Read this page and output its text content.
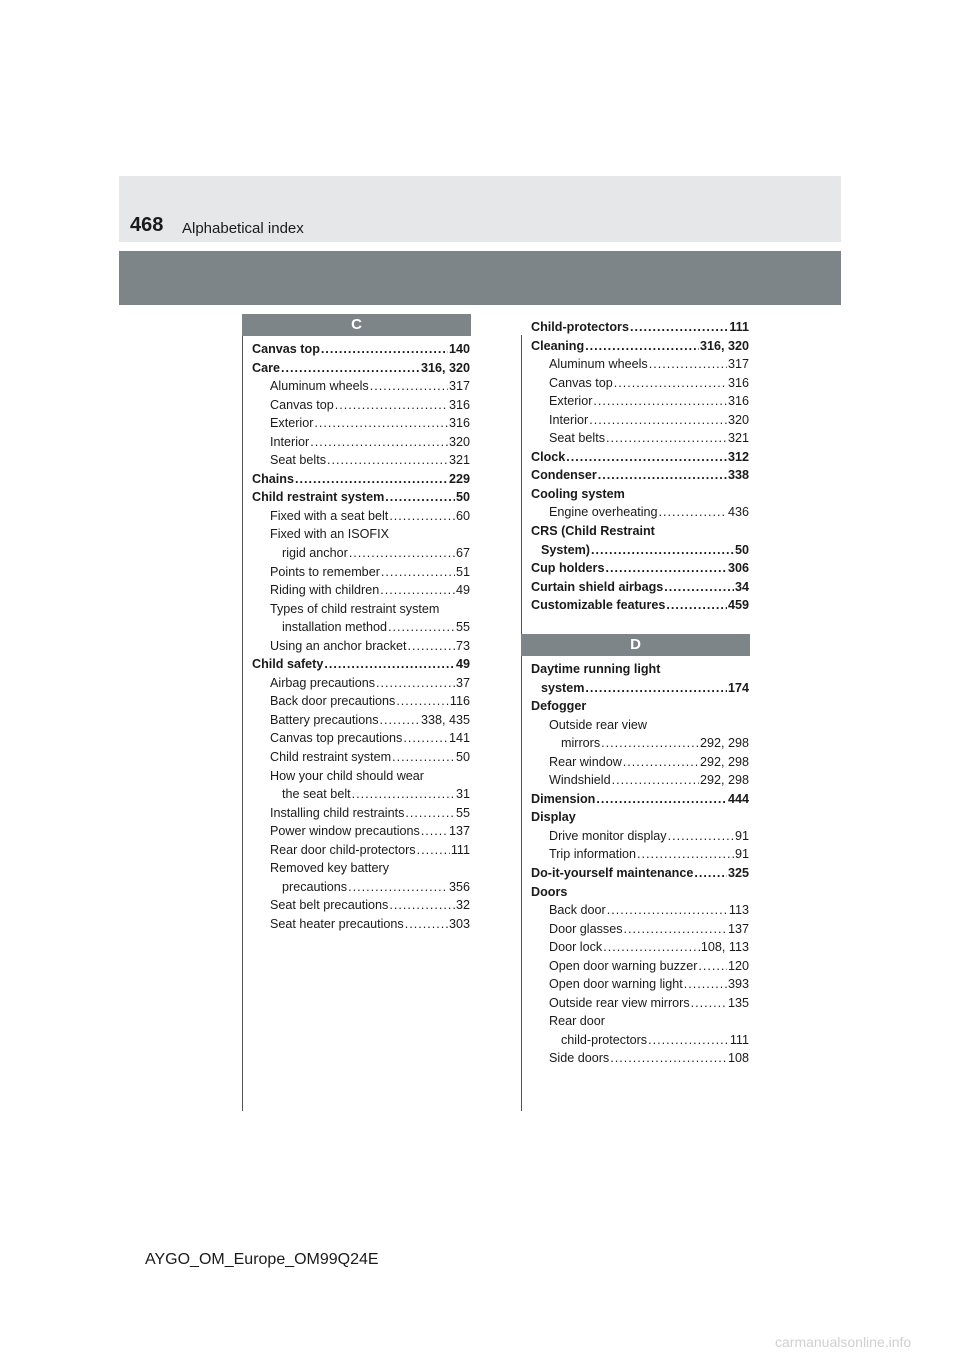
468 Alphabetical index
C
D
Canvas top .....	140
Care .....	316, 320
Aluminum wheels .....	317
Canvas top .....	316
Exterior .....	316
Interior .....	320
Seat belts .....	321
Chains .....	229
Child restraint system .....	50
Fixed with a seat belt .....	60
Fixed with an ISOFIX
rigid anchor .....	67
Points to remember .....	51
Riding with children .....	49
Types of child restraint system
installation method .....	55
Using an anchor bracket .....	73
Child safety .....	49
Airbag precautions .....	37
Back door precautions .....	116
Battery precautions .....	338, 435
Canvas top precautions .....	141
Child restraint system .....	50
How your child should wear
the seat belt .....	31
Installing child restraints .....	55
Power window precautions ..... 137
Rear door child-protectors .....	111
Removed key battery
precautions .....	356
Seat belt precautions .....	32
Seat heater precautions .....	303
Child-protectors .....	111
Cleaning .....	316, 320
Aluminum wheels .....	317
Canvas top .....	316
Exterior .....	316
Interior .....	320
Seat belts .....	321
Clock .....	312
Condenser .....	338
Cooling system
Engine overheating .....	436
CRS (Child Restraint
System) .....	50
Cup holders .....	306
Curtain shield airbags .....	34
Customizable features .....	459
Daytime running light
system .....	174
Defogger
Outside rear view
mirrors .....	292, 298
Rear window .....	292, 298
Windshield .....	292, 298
Dimension .....	444
Display
Drive monitor display .....	91
Trip information .....	91
Do-it-yourself maintenance .....	325
Doors
Back door .....	113
Door glasses .....	137
Door lock .....	108, 113
Open door warning buzzer ..... 120
Open door warning light .....	393
Outside rear view mirrors .....	135
Rear door
child-protectors .....	111
Side doors .....	108
AYGO_OM_Europe_OM99Q24E
carmanualsonline.info
